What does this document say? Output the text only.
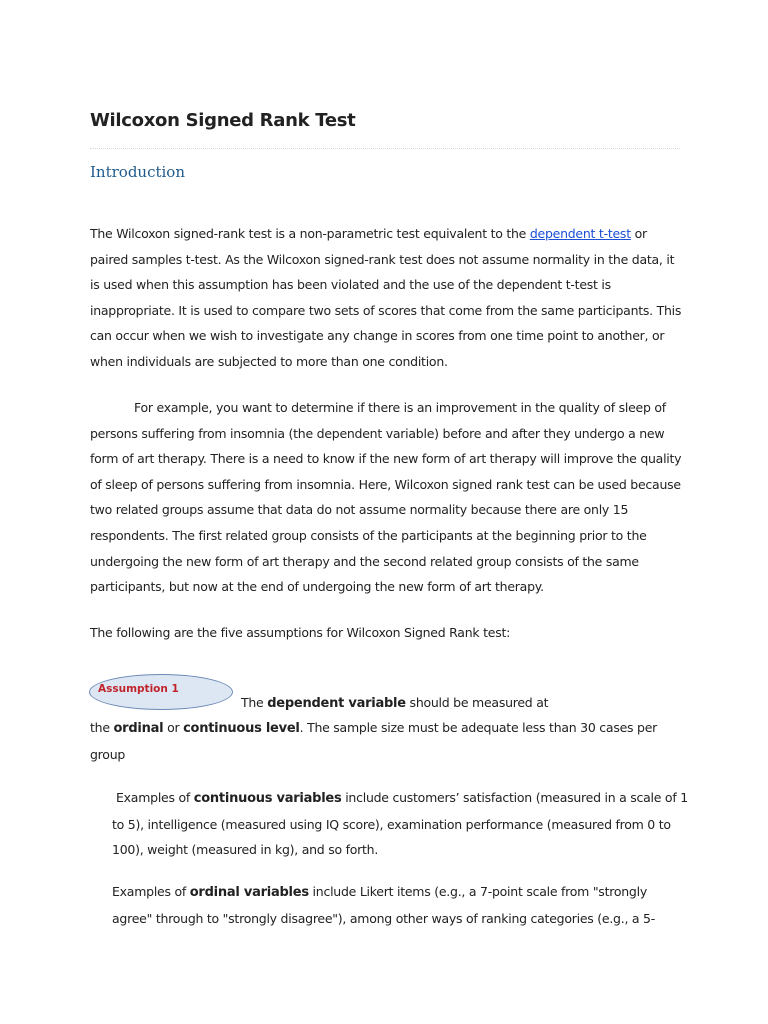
Wilcoxon Signed Rank Test
Introduction

The Wilcoxon signed-rank test is a non-parametric test equivalent to the dependent t-test or paired samples t-test. As the Wilcoxon signed-rank test does not assume normality in the data, it is used when this assumption has been violated and the use of the dependent t-test is inappropriate. It is used to compare two sets of scores that come from the same participants. This can occur when we wish to investigate any change in scores from one time point to another, or when individuals are subjected to more than one condition.

For example, you want to determine if there is an improvement in the quality of sleep of persons suffering from insomnia (the dependent variable) before and after they undergo a new form of art therapy. There is a need to know if the new form of art therapy will improve the quality of sleep of persons suffering from insomnia. Here, Wilcoxon signed rank test can be used because two related groups assume that data do not assume normality because there are only 15 respondents. The first related group consists of the participants at the beginning prior to the undergoing the new form of art therapy and the second related group consists of the same participants, but now at the end of undergoing the new form of art therapy.

The following are the five assumptions for Wilcoxon Signed Rank test:

Assumption 1

The dependent variable should be measured at

the ordinal or continuous level. The sample size must be adequate less than 30 cases per group

Examples of continuous variables include customers’ satisfaction (measured in a scale of 1 to 5), intelligence (measured using IQ score), examination performance (measured from 0 to 100), weight (measured in kg), and so forth.

Examples of ordinal variables include Likert items (e.g., a 7-point scale from "strongly agree" through to "strongly disagree"), among other ways of ranking categories (e.g., a 5-
